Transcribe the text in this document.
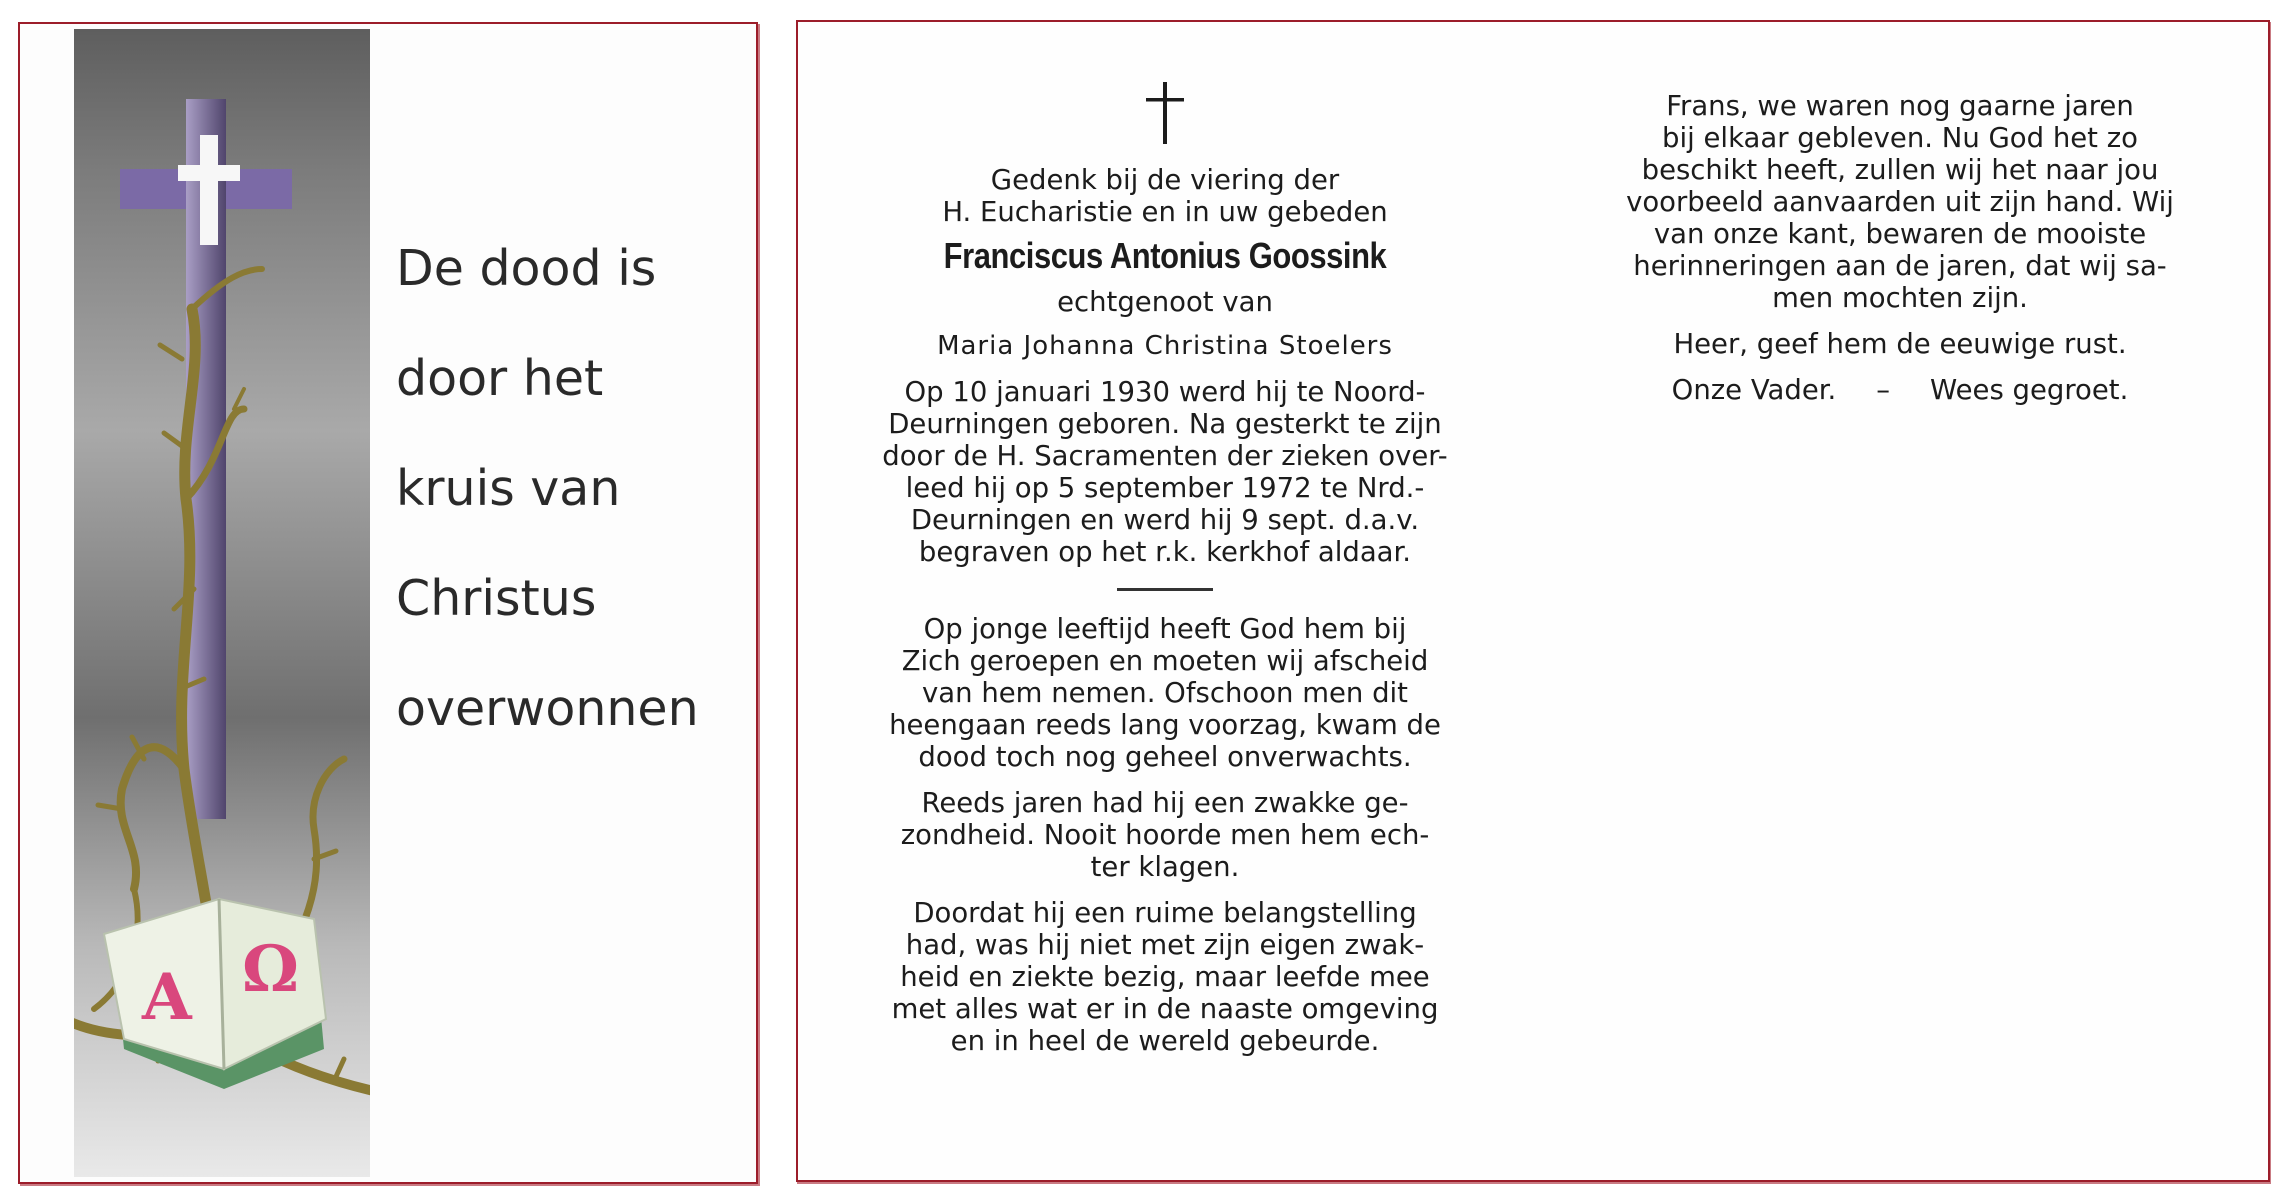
A Ω
De dood is
door het
kruis van
Christus
overwonnen
Gedenk bij de viering der
H. Eucharistie en in uw gebeden
Franciscus Antonius Goossink
echtgenoot van
Maria Johanna Christina Stoelers
Op 10 januari 1930 werd hij te Noord-
Deurningen geboren. Na gesterkt te zijn
door de H. Sacramenten der zieken over-
leed hij op 5 september 1972 te Nrd.-
Deurningen en werd hij 9 sept. d.a.v.
begraven op het r.k. kerkhof aldaar.
Op jonge leeftijd heeft God hem bij
Zich geroepen en moeten wij afscheid
van hem nemen. Ofschoon men dit
heengaan reeds lang voorzag, kwam de
dood toch nog geheel onverwachts.
Reeds jaren had hij een zwakke ge-
zondheid. Nooit hoorde men hem ech-
ter klagen.
Doordat hij een ruime belangstelling
had, was hij niet met zijn eigen zwak-
heid en ziekte bezig, maar leefde mee
met alles wat er in de naaste omgeving
en in heel de wereld gebeurde.
Frans, we waren nog gaarne jaren
bij elkaar gebleven. Nu God het zo
beschikt heeft, zullen wij het naar jou
voorbeeld aanvaarden uit zijn hand. Wij
van onze kant, bewaren de mooiste
herinneringen aan de jaren, dat wij sa-
men mochten zijn.
Heer, geef hem de eeuwige rust.
Onze Vader. – Wees gegroet.
